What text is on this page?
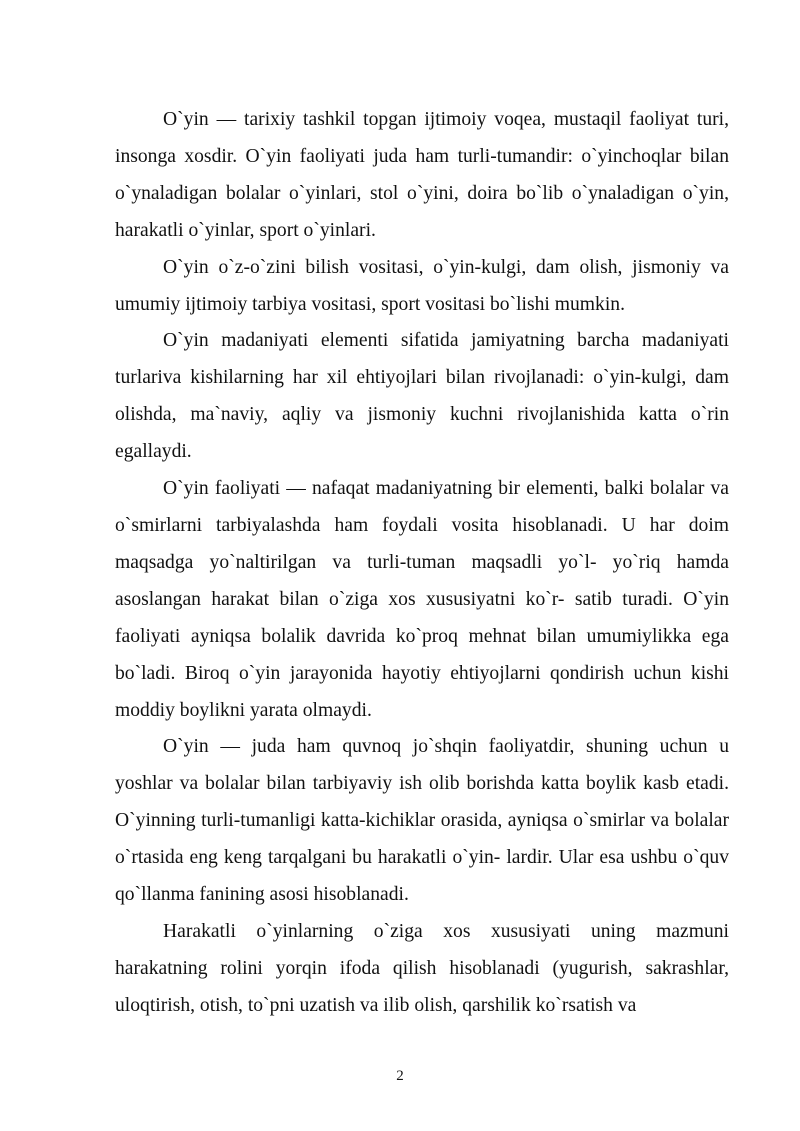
O`yin — tarixiy tashkil topgan ijtimoiy voqea, mustaqil faoliyat turi, insonga xosdir. O`yin faoliyati juda ham turli-tumandir: o`yinchoqlar bilan o`ynaladigan bolalar o`yinlari, stol o`yini, doira bo`lib o`ynaladigan o`yin, harakatli o`yinlar, sport o`yinlari.

O`yin o`z-o`zini bilish vositasi, o`yin-kulgi, dam olish, jismoniy va umumiy ijtimoiy tarbiya vositasi, sport vositasi bo`lishi mumkin.

O`yin madaniyati elementi sifatida jamiyatning barcha madaniyati turlariva kishilarning har xil ehtiyojlari bilan rivojlanadi: o`yin-kulgi, dam olishda, ma`naviy, aqliy va jismoniy kuchni rivojlanishida katta o`rin egallaydi.

O`yin faoliyati — nafaqat madaniyatning bir elementi, balki bolalar va o`smirlarni tarbiyalashda ham foydali vosita hisoblanadi. U har doim maqsadga yo`naltirilgan va turli-tuman maqsadli yo`l- yo`riq hamda asoslangan harakat bilan o`ziga xos xususiyatni ko`r- satib turadi. O`yin faoliyati ayniqsa bolalik davrida ko`proq mehnat bilan umumiylikka ega bo`ladi. Biroq o`yin jarayonida hayotiy ehtiyojlarni qondirish uchun kishi moddiy boylikni yarata olmaydi.

O`yin — juda ham quvnoq jo`shqin faoliyatdir, shuning uchun u yoshlar va bolalar bilan tarbiyaviy ish olib borishda katta boylik kasb etadi. O`yinning turli-tumanligi katta-kichiklar orasida, ayniqsa o`smirlar va bolalar o`rtasida eng keng tarqalgani bu harakatli o`yin- lardir. Ular esa ushbu o`quv qo`llanma fanining asosi hisoblanadi.

Harakatli o`yinlarning o`ziga xos xususiyati uning mazmuni harakatning rolini yorqin ifoda qilish hisoblanadi (yugurish, sakrashlar, uloqtirish, otish, to`pni uzatish va ilib olish, qarshilik ko`rsatish va

2
